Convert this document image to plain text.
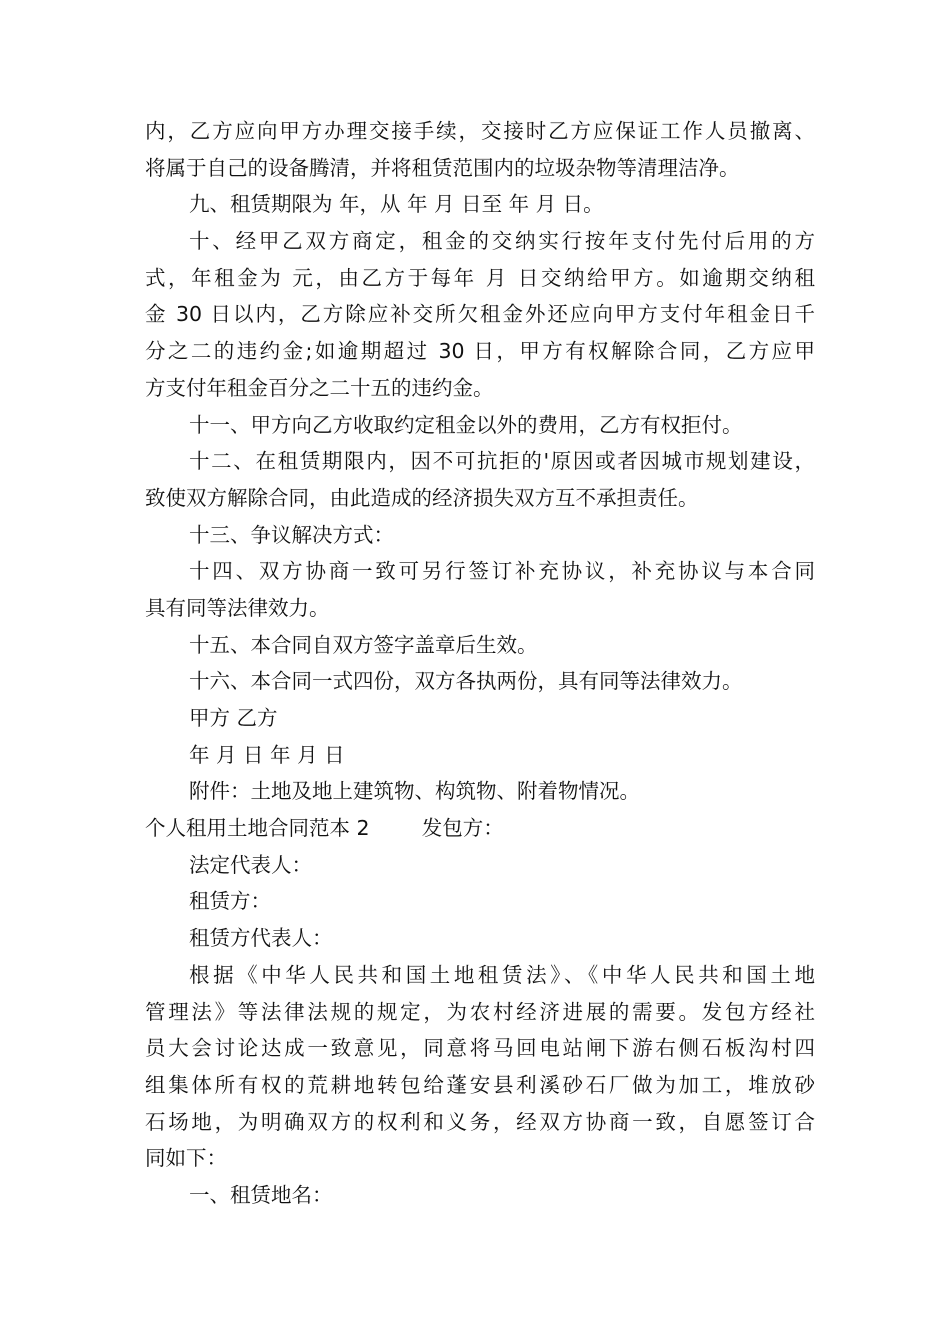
内，乙方应向甲方办理交接手续，交接时乙方应保证工作人员撤离、
将属于自己的设备腾清，并将租赁范围内的垃圾杂物等清理洁净。
九、租赁期限为 年，从 年 月 日至 年 月 日。
十、经甲乙双方商定，租金的交纳实行按年支付先付后用的方
式，年租金为 元，由乙方于每年 月 日交纳给甲方。如逾期交纳租
金 30 日以内，乙方除应补交所欠租金外还应向甲方支付年租金日千
分之二的违约金;如逾期超过 30 日，甲方有权解除合同，乙方应甲
方支付年租金百分之二十五的违约金。
十一、甲方向乙方收取约定租金以外的费用，乙方有权拒付。
十二、在租赁期限内，因不可抗拒的'原因或者因城市规划建设，
致使双方解除合同，由此造成的经济损失双方互不承担责任。
十三、争议解决方式：
十四、双方协商一致可另行签订补充协议，补充协议与本合同
具有同等法律效力。
十五、本合同自双方签字盖章后生效。
十六、本合同一式四份，双方各执两份，具有同等法律效力。
甲方 乙方
年 月 日 年 月 日
附件：土地及地上建筑物、构筑物、附着物情况。
个人租用土地合同范本 2        发包方：
法定代表人：
租赁方：
租赁方代表人：
根据《中华人民共和国土地租赁法》、《中华人民共和国土地
管理法》等法律法规的规定，为农村经济进展的需要。发包方经社
员大会讨论达成一致意见，同意将马回电站闸下游右侧石板沟村四
组集体所有权的荒耕地转包给蓬安县利溪砂石厂做为加工，堆放砂
石场地，为明确双方的权利和义务，经双方协商一致，自愿签订合
同如下：
一、租赁地名：
